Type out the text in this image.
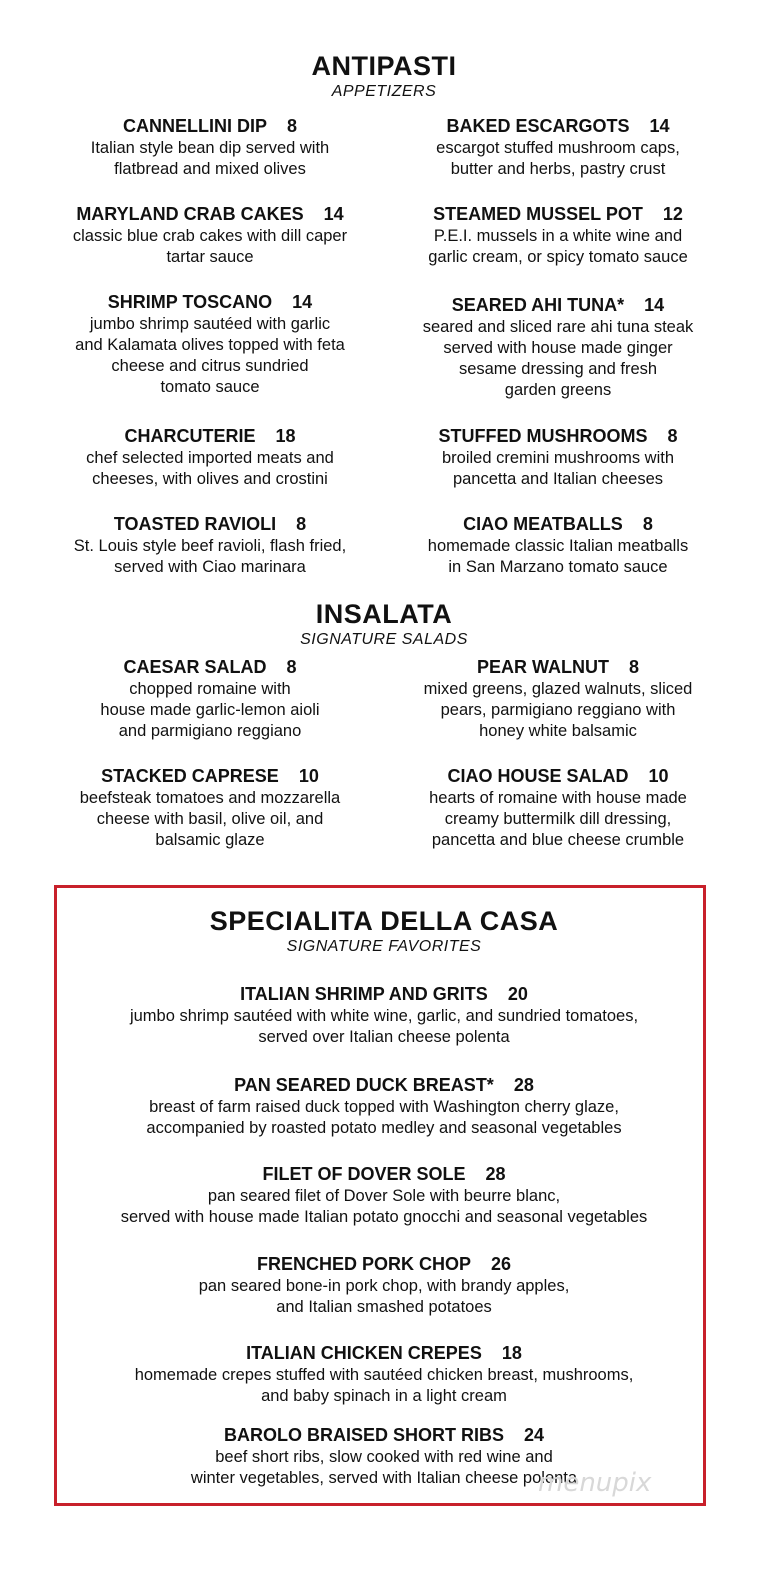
ANTIPASTI
APPETIZERS
CANNELLINI DIP 8
Italian style bean dip served with
flatbread and mixed olives
BAKED ESCARGOTS 14
escargot stuffed mushroom caps,
butter and herbs, pastry crust
MARYLAND CRAB CAKES 14
classic blue crab cakes with dill caper
tartar sauce
STEAMED MUSSEL POT 12
P.E.I. mussels in a white wine and
garlic cream, or spicy tomato sauce
SHRIMP TOSCANO 14
jumbo shrimp sautéed with garlic
and Kalamata olives topped with feta
cheese and citrus sundried
tomato sauce
SEARED AHI TUNA* 14
seared and sliced rare ahi tuna steak
served with house made ginger
sesame dressing and fresh
garden greens
CHARCUTERIE 18
chef selected imported meats and
cheeses, with olives and crostini
STUFFED MUSHROOMS 8
broiled cremini mushrooms with
pancetta and Italian cheeses
TOASTED RAVIOLI 8
St. Louis style beef ravioli, flash fried,
served with Ciao marinara
CIAO MEATBALLS 8
homemade classic Italian meatballs
in San Marzano tomato sauce
INSALATA
SIGNATURE SALADS
CAESAR SALAD 8
chopped romaine with
house made garlic-lemon aioli
and parmigiano reggiano
PEAR WALNUT 8
mixed greens, glazed walnuts, sliced
pears, parmigiano reggiano with
honey white balsamic
STACKED CAPRESE 10
beefsteak tomatoes and mozzarella
cheese with basil, olive oil, and
balsamic glaze
CIAO HOUSE SALAD 10
hearts of romaine with house made
creamy buttermilk dill dressing,
pancetta and blue cheese crumble
SPECIALITA DELLA CASA
SIGNATURE FAVORITES
ITALIAN SHRIMP AND GRITS 20
jumbo shrimp sautéed with white wine, garlic, and sundried tomatoes,
served over Italian cheese polenta
PAN SEARED DUCK BREAST* 28
breast of farm raised duck topped with Washington cherry glaze,
accompanied by roasted potato medley and seasonal vegetables
FILET OF DOVER SOLE 28
pan seared filet of Dover Sole with beurre blanc,
served with house made Italian potato gnocchi and seasonal vegetables
FRENCHED PORK CHOP 26
pan seared bone-in pork chop, with brandy apples,
and Italian smashed potatoes
ITALIAN CHICKEN CREPES 18
homemade crepes stuffed with sautéed chicken breast, mushrooms,
and baby spinach in a light cream
BAROLO BRAISED SHORT RIBS 24
beef short ribs, slow cooked with red wine and
winter vegetables, served with Italian cheese polenta
menupix
